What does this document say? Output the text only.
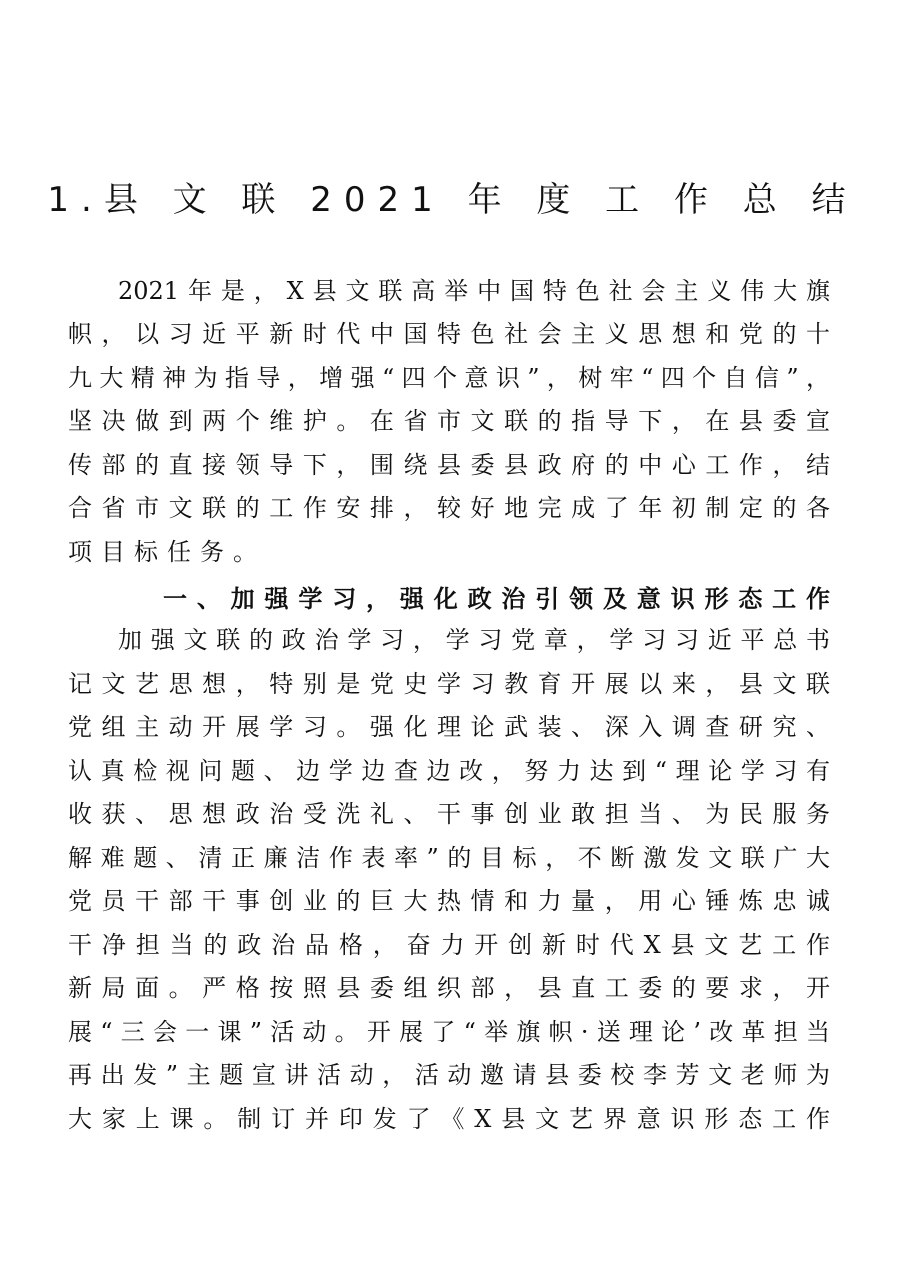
1.县 文 联 2021 年 度 工 作 总 结
2021年是，X县文联高举中国特色社会主义伟大旗
帜，以习近平新时代中国特色社会主义思想和党的十
九大精神为指导，增强“四个意识”，树牢“四个自信”，
坚决做到两个维护。在省市文联的指导下，在县委宣
传部的直接领导下，围绕县委县政府的中心工作，结
合省市文联的工作安排，较好地完成了年初制定的各
项目标任务。
一、加强学习，强化政治引领及意识形态工作
加强文联的政治学习，学习党章，学习习近平总书
记文艺思想，特别是党史学习教育开展以来，县文联
党组主动开展学习。强化理论武装、深入调查研究、
认真检视问题、边学边查边改，努力达到“理论学习有
收获、思想政治受洗礼、干事创业敢担当、为民服务
解难题、清正廉洁作表率”的目标，不断激发文联广大
党员干部干事创业的巨大热情和力量，用心锤炼忠诚
干净担当的政治品格，奋力开创新时代X县文艺工作
新局面。严格按照县委组织部，县直工委的要求，开
展“三会一课”活动。开展了“举旗帜·送理论’改革担当
再出发”主题宣讲活动，活动邀请县委校李芳文老师为
大家上课。制订并印发了《X县文艺界意识形态工作
